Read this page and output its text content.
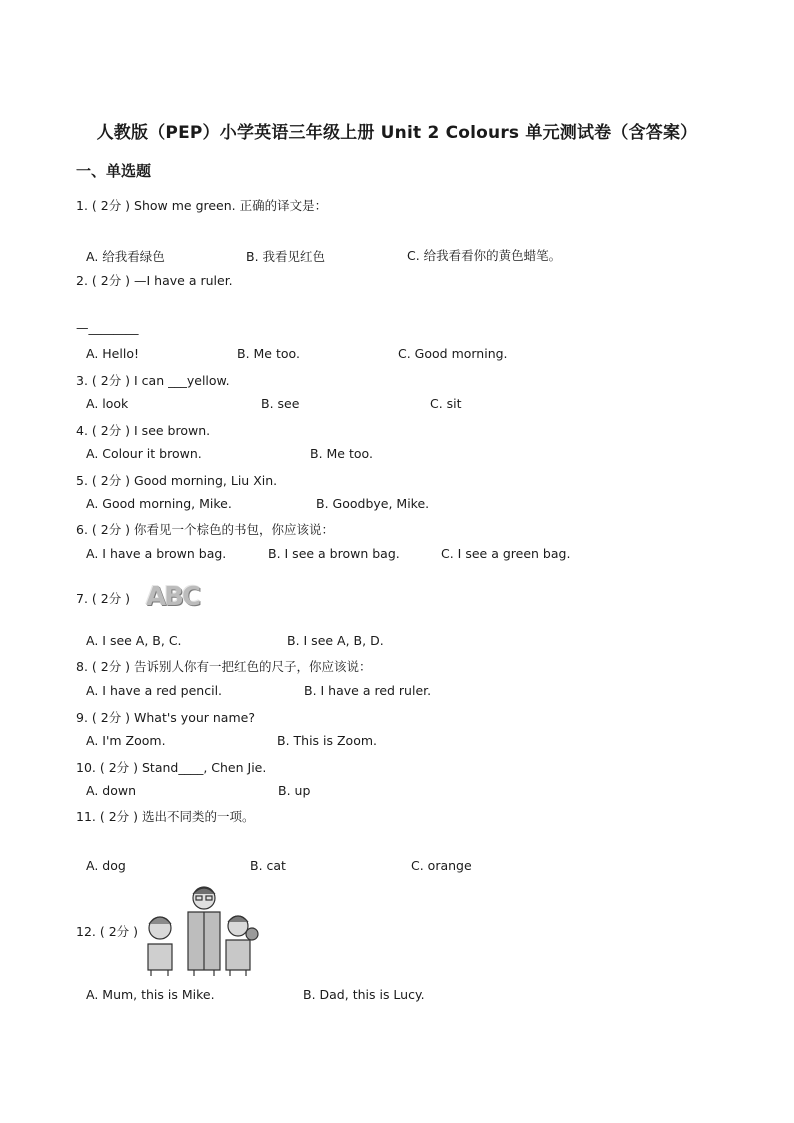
人教版（PEP）小学英语三年级上册 Unit 2 Colours 单元测试卷（含答案）
一、单选题
1. ( 2分 ) Show me green. 正确的译文是：
A. 给我看绿色	B. 我看见红色	C. 给我看看你的黄色蜡笔。
2. ( 2分 ) —I have a ruler.
—________
A. Hello!	B. Me too.	C. Good morning.
3. ( 2分 ) I can ___yellow.
A. look	B. see	C. sit
4. ( 2分 ) I see brown.
A. Colour it brown.	B. Me too.
5. ( 2分 ) Good morning, Liu Xin.
A. Good morning, Mike.	B. Goodbye, Mike.
6. ( 2分 ) 你看见一个棕色的书包，你应该说：
A. I have a brown bag.	B. I see a brown bag.	C. I see a green bag.
7. ( 2分 ) ABC
A. I see A, B, C.	B. I see A, B, D.
8. ( 2分 ) 告诉别人你有一把红色的尺子，你应该说：
A. I have a red pencil.	B. I have a red ruler.
9. ( 2分 ) What's your name?
A. I'm Zoom.	B. This is Zoom.
10. ( 2分 ) Stand____, Chen Jie.
A. down	B. up
11. ( 2分 ) 选出不同类的一项。
A. dog	B. cat	C. orange
12. ( 2分 )
A. Mum, this is Mike.	B. Dad, this is Lucy.
